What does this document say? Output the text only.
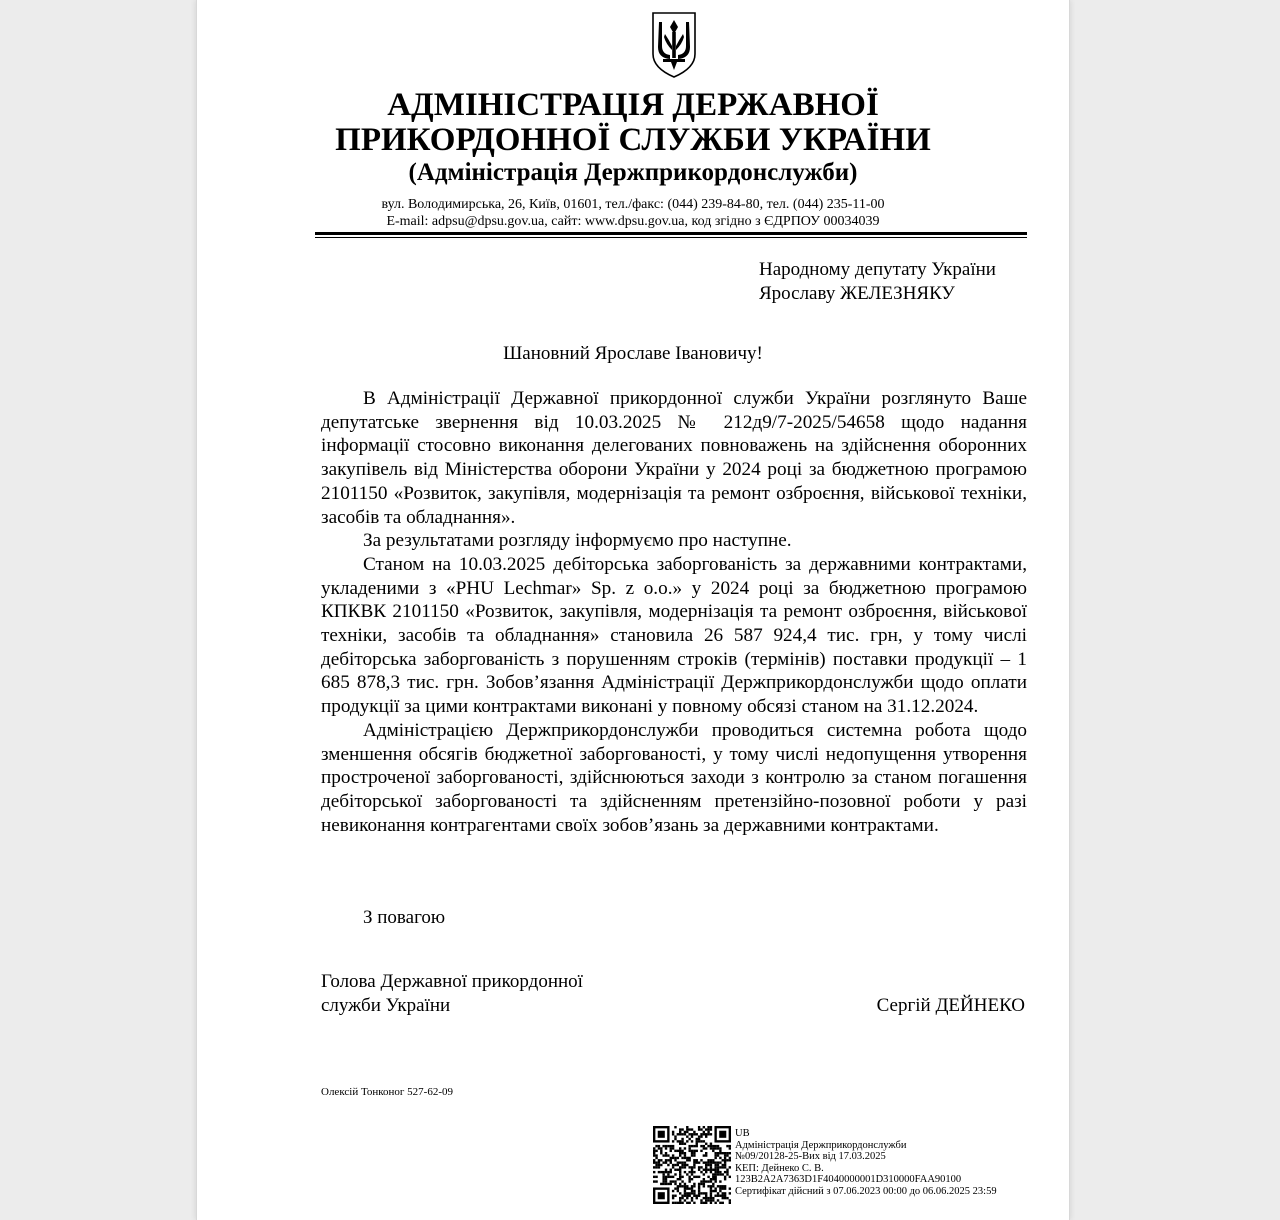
АДМІНІСТРАЦІЯ ДЕРЖАВНОЇ
ПРИКОРДОННОЇ СЛУЖБИ УКРАЇНИ
(Адміністрація Держприкордонслужби)
вул. Володимирська, 26, Київ, 01601, тел./факс: (044) 239-84-80, тел. (044) 235-11-00
E-mail: adpsu@dpsu.gov.ua, сайт: www.dpsu.gov.ua, код згідно з ЄДРПОУ 00034039
Народному депутату України
Ярославу ЖЕЛЕЗНЯКУ
Шановний Ярославе Івановичу!

В Адміністрації Державної прикордонної служби України розглянуто Ваше депутатське звернення від 10.03.2025 № 212д9/7-2025/54658 щодо надання інформації стосовно виконання делегованих повноважень на здійснення оборонних закупівель від Міністерства оборони України у 2024 році за бюджетною програмою 2101150 «Розвиток, закупівля, модернізація та ремонт озброєння, військової техніки, засобів та обладнання».

За результатами розгляду інформуємо про наступне.

Станом на 10.03.2025 дебіторська заборгованість за державними контрактами, укладеними з «PHU Lechmar» Sp. z o.o.» у 2024 році за бюджетною програмою КПКВК 2101150 «Розвиток, закупівля, модернізація та ремонт озброєння, військової техніки, засобів та обладнання» становила 26 587 924,4 тис. грн, у тому числі дебіторська заборгованість з порушенням строків (термінів) поставки продукції – 1 685 878,3 тис. грн. Зобов’язання Адміністрації Держприкордонслужби щодо оплати продукції за цими контрактами виконані у повному обсязі станом на 31.12.2024.

Адміністрацією Держприкордонслужби проводиться системна робота щодо зменшення обсягів бюджетної заборгованості, у тому числі недопущення утворення простроченої заборгованості, здійснюються заходи з контролю за станом погашення дебіторської заборгованості та здійсненням претензійно-позовної роботи у разі невиконання контрагентами своїх зобов’язань за державними контрактами.

З повагою
Голова Державної прикордонної
служби України	Сергій ДЕЙНЕКО
Олексій Тонконог 527-62-09
UB
Адміністрація Держприкордонслужби
№09/20128-25-Вих від 17.03.2025
КЕП: Дейнеко С. В.
123B2A2A7363D1F4040000001D310000FAA90100
Сертифікат дійсний з 07.06.2023 00:00 до 06.06.2025 23:59
